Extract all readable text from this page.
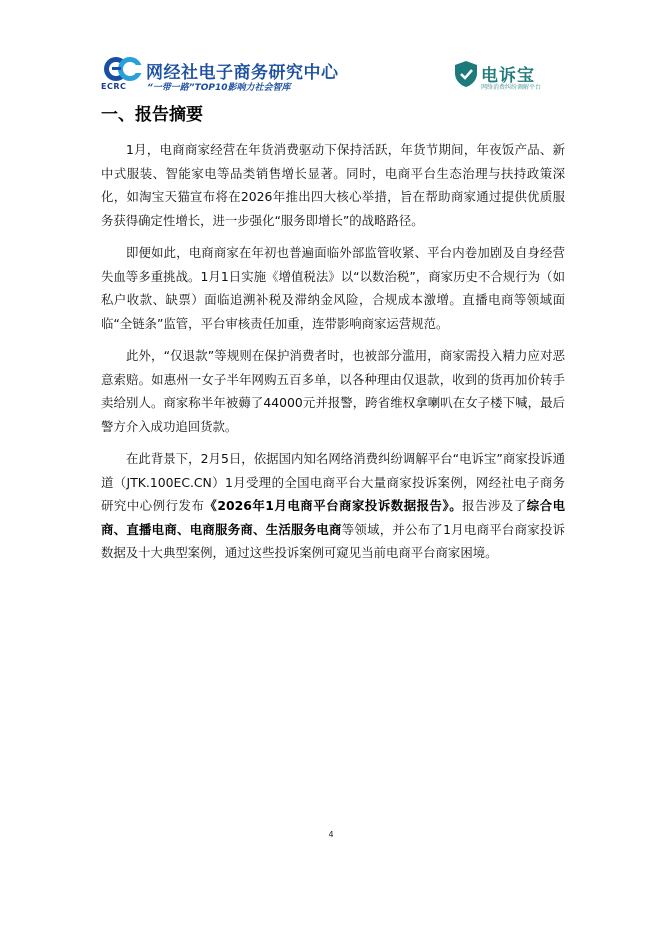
ECRC
网经社电子商务研究中心
“一带一路”TOP10影响力社会智库
电诉宝
网络消费纠纷调解平台
一、报告摘要

1月，电商商家经营在年货消费驱动下保持活跃，年货节期间，年夜饭产品、新中式服装、智能家电等品类销售增长显著。同时，电商平台生态治理与扶持政策深化，如淘宝天猫宣布将在2026年推出四大核心举措，旨在帮助商家通过提供优质服务获得确定性增长，进一步强化“服务即增长”的战略路径。

即便如此，电商商家在年初也普遍面临外部监管收紧、平台内卷加剧及自身经营失血等多重挑战。1月1日实施《增值税法》以“以数治税”，商家历史不合规行为（如私户收款、缺票）面临追溯补税及滞纳金风险，合规成本激增。直播电商等领域面临“全链条”监管，平台审核责任加重，连带影响商家运营规范。

此外，“仅退款”等规则在保护消费者时，也被部分滥用，商家需投入精力应对恶意索赔。如惠州一女子半年网购五百多单，以各种理由仅退款，收到的货再加价转手卖给别人。商家称半年被薅了44000元并报警，跨省维权拿喇叭在女子楼下喊，最后警方介入成功追回货款。

在此背景下，2月5日，依据国内知名网络消费纠纷调解平台“电诉宝”商家投诉通道（JTK.100EC.CN）1月受理的全国电商平台大量商家投诉案例，网经社电子商务研究中心例行发布《2026年1月电商平台商家投诉数据报告》。报告涉及了综合电商、直播电商、电商服务商、生活服务电商等领域，并公布了1月电商平台商家投诉数据及十大典型案例，通过这些投诉案例可窥见当前电商平台商家困境。

4
